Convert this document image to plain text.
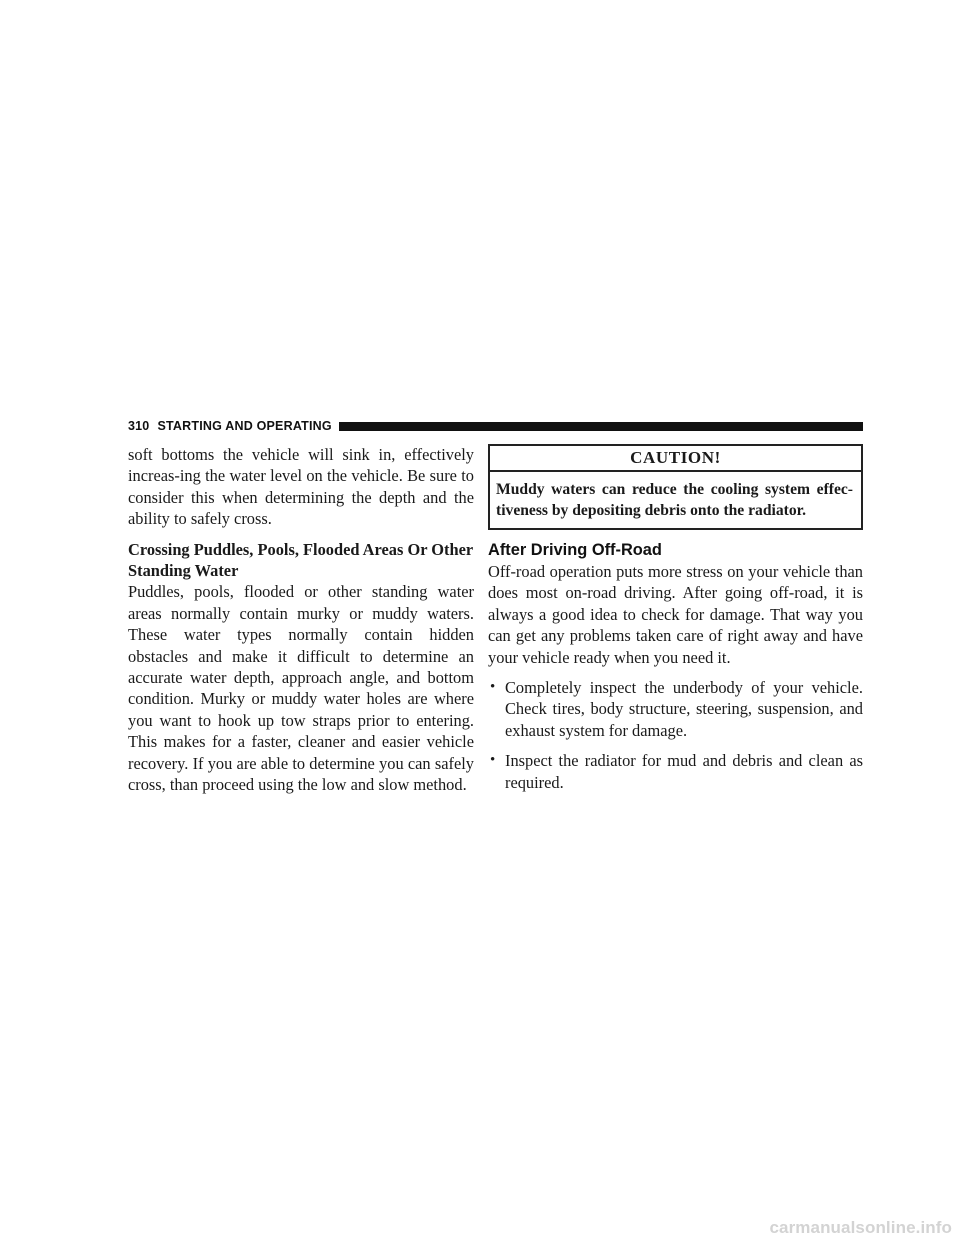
310 STARTING AND OPERATING

soft bottoms the vehicle will sink in, effectively increas-ing the water level on the vehicle. Be sure to consider this when determining the depth and the ability to safely cross.

Crossing Puddles, Pools, Flooded Areas Or Other Standing Water

Puddles, pools, flooded or other standing water areas normally contain murky or muddy waters. These water types normally contain hidden obstacles and make it difficult to determine an accurate water depth, approach angle, and bottom condition. Murky or muddy water holes are where you want to hook up tow straps prior to entering. This makes for a faster, cleaner and easier vehicle recovery. If you are able to determine you can safely cross, than proceed using the low and slow method.

CAUTION!
Muddy waters can reduce the cooling system effec-tiveness by depositing debris onto the radiator.
After Driving Off-Road

Off-road operation puts more stress on your vehicle than does most on-road driving. After going off-road, it is always a good idea to check for damage. That way you can get any problems taken care of right away and have your vehicle ready when you need it.

• Completely inspect the underbody of your vehicle. Check tires, body structure, steering, suspension, and exhaust system for damage.
• Inspect the radiator for mud and debris and clean as required.
carmanualsonline.info
